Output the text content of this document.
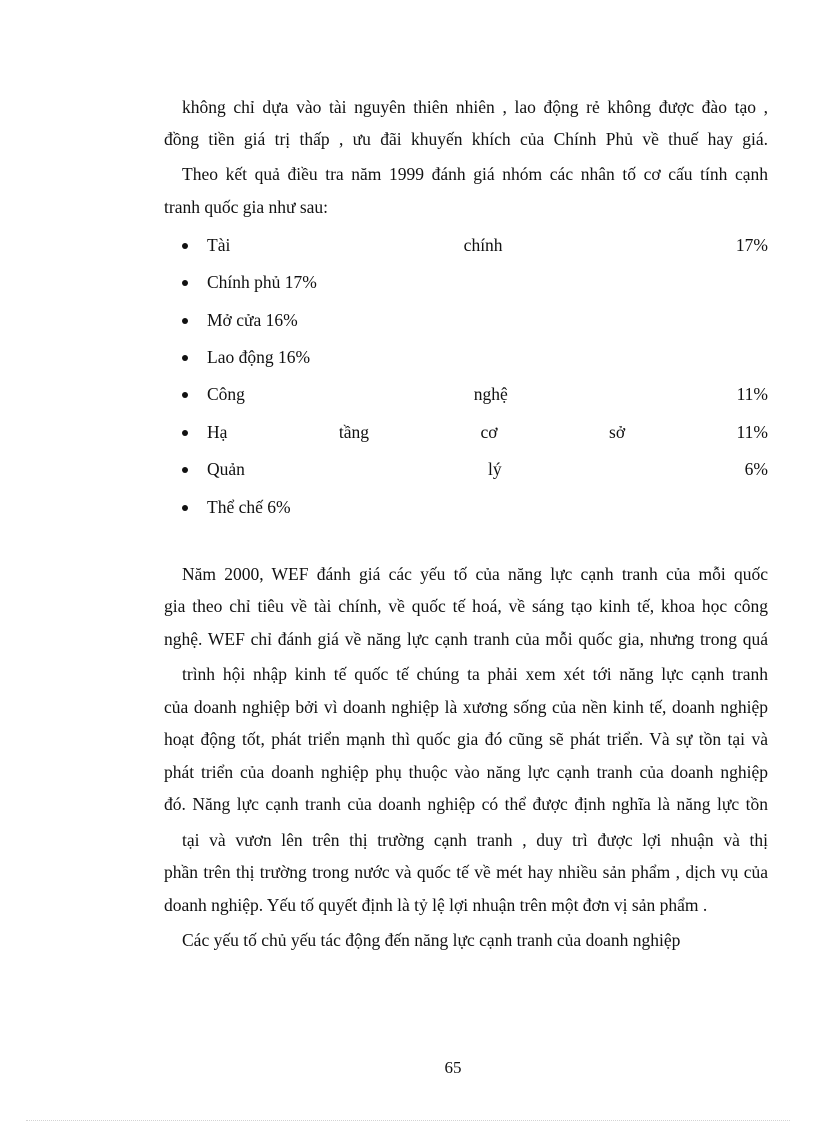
không chỉ dựa vào tài nguyên thiên nhiên , lao động rẻ không được đào tạo ,
đồng tiền giá trị thấp , ưu đãi khuyến khích của Chính Phủ về thuế hay giá.
Theo kết quả điều tra năm 1999 đánh giá nhóm các nhân tố cơ cấu tính cạnh
tranh quốc gia như sau:
Tài chính 17%
Chính phủ 17%
Mở cửa 16%
Lao động 16%
Công nghệ 11%
Hạ tầng cơ sở 11%
Quản lý 6%
Thể chế 6%
Năm 2000, WEF đánh giá các yếu tố của năng lực cạnh tranh của mỗi quốc
gia theo chỉ tiêu về tài chính, về quốc tế hoá, về sáng tạo kinh tế, khoa học công
nghệ. WEF chỉ đánh giá về năng lực cạnh tranh của mỗi quốc gia, nhưng trong quá
trình hội nhập kinh tế quốc tế chúng ta phải xem xét tới năng lực cạnh tranh
của doanh nghiệp bởi vì doanh nghiệp là xương sống của nền kinh tế, doanh nghiệp
hoạt động tốt, phát triển mạnh thì quốc gia đó cũng sẽ phát triển. Và sự tồn tại và
phát triển của doanh nghiệp phụ thuộc vào năng lực cạnh tranh của doanh nghiệp
đó. Năng lực cạnh tranh của doanh nghiệp có thể được định nghĩa là năng lực tồn
tại và vươn lên trên thị trường cạnh tranh , duy trì được lợi nhuận và thị
phần trên thị trường trong nước và quốc tế về mét hay nhiều sản phẩm , dịch vụ của
doanh nghiệp. Yếu tố quyết định là tỷ lệ lợi nhuận trên một đơn vị sản phẩm .
Các yếu tố chủ yếu tác động đến năng lực cạnh tranh của doanh nghiệp
65
